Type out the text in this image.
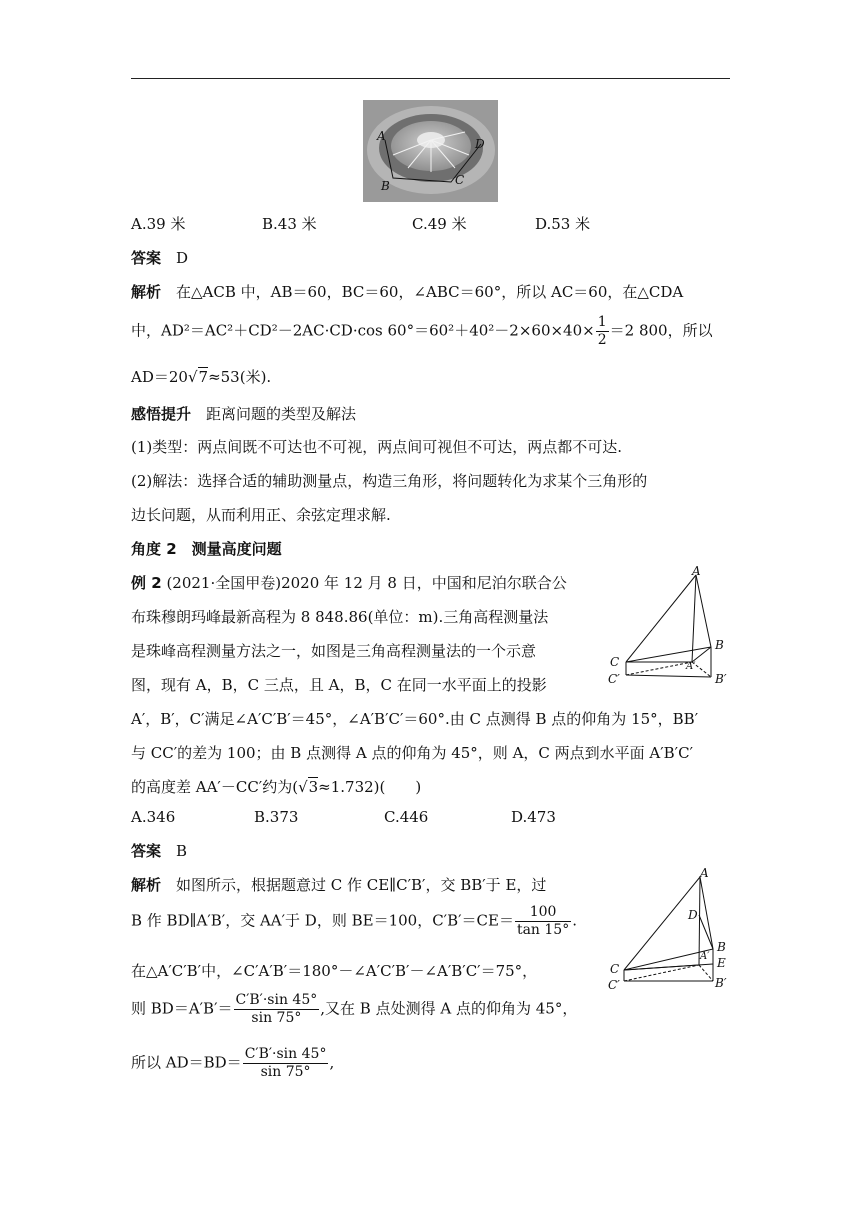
A
B	C
D
A.39 米	B.43 米	C.49 米	D.53 米
答案  D
解析  在△ACB 中，AB＝60，BC＝60，∠ABC＝60°，所以 AC＝60，在△CDA
中，AD²＝AC²＋CD²－2AC·CD·cos $60^\circ=60^2+40^2-2\times 60\times 40\times \frac{1}{2} =2$ 800，所以
AD＝20√7≈53(米).
感悟提升  距离问题的类型及解法
(1)类型：两点间既不可达也不可视，两点间可视但不可达，两点都不可达.
(2)解法：选择合适的辅助测量点，构造三角形，将问题转化为求某个三角形的
边长问题，从而利用正、余弦定理求解.
角度 2　测量高度问题
例 2 (2021·全国甲卷)2020 年 12 月 8 日，中国和尼泊尔联合公
布珠穆朗玛峰最新高程为 8 848.86(单位：m).三角高程测量法
是珠峰高程测量方法之一，如图是三角高程测量法的一个示意
图，现有 A，B，C 三点，且 A，B，C 在同一水平面上的投影
A′，B′，C′满足∠A′C′B′＝45°，∠A′B′C′＝60°.由 C 点测得 B 点的仰角为 15°，BB′
与 CC′的差为 100；由 B 点测得 A 点的仰角为 45°，则 A，C 两点到水平面 A′B′C′
的高度差 AA′－CC′约为(√3≈1.732)(　　)
A.346	B.373	C.446	D.473
答案  B
解析  如图所示，根据题意过 C 作 CE∥C′B′，交 BB′于 E，过
B 作 BD∥A′B′，交 AA′于 D，则 BE＝100，$C'B'=CE= \frac{100}{\tan 15^\circ}$ .
在△A′C′B′中，∠C′A′B′＝180°－∠A′C′B′－∠A′B′C′＝75°，
则 $BD=A'B'= \frac{C'B'\cdot\sin 45^\circ}{\sin 75^\circ}$ ,又在 B 点处测得 A 点的仰角为 45°，
所以 $AD=BD= \frac{C'B'\cdot\sin 45^\circ}{\sin 75^\circ}$ ,
A
B
C	A′
B′
C′
A
D
B
E
C
A′
B′
C′
